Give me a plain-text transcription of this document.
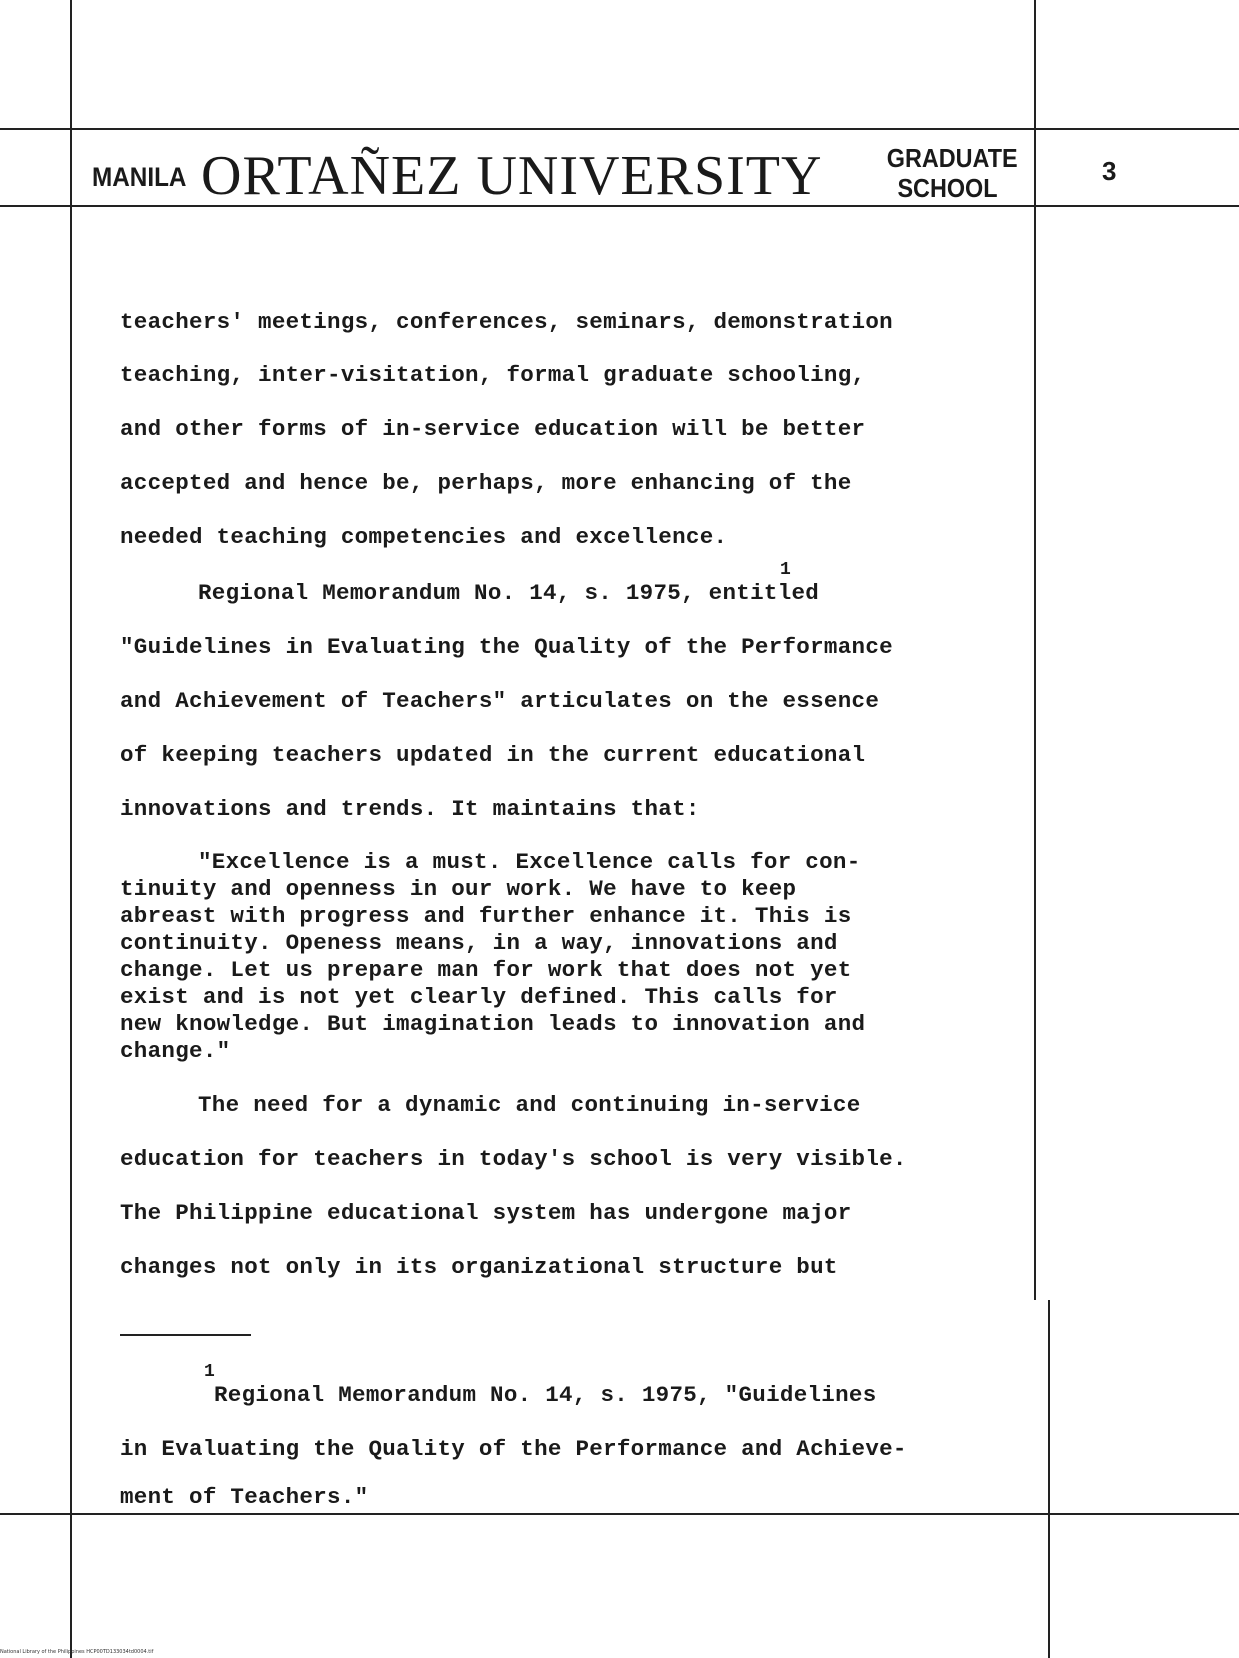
MANILA ORTAÑEZ UNIVERSITY GRADUATE
SCHOOL
3
teachers' meetings, conferences, seminars, demonstration
teaching, inter-visitation, formal graduate schooling,
and other forms of in-service education will be better
accepted and hence be, perhaps, more enhancing of the
needed teaching competencies and excellence.
1
Regional Memorandum No. 14, s. 1975, entitled
"Guidelines in Evaluating the Quality of the Performance
and Achievement of Teachers" articulates on the essence
of keeping teachers updated in the current educational
innovations and trends. It maintains that:
"Excellence is a must. Excellence calls for con-
tinuity and openness in our work. We have to keep
abreast with progress and further enhance it. This is
continuity. Openess means, in a way, innovations and
change. Let us prepare man for work that does not yet
exist and is not yet clearly defined. This calls for
new knowledge. But imagination leads to innovation and
change."
The need for a dynamic and continuing in-service
education for teachers in today's school is very visible.
The Philippine educational system has undergone major
changes not only in its organizational structure but
1
Regional Memorandum No. 14, s. 1975, "Guidelines
in Evaluating the Quality of the Performance and Achieve-
ment of Teachers."
National Library of the Philippines HCP00TD133034td0004.tif
